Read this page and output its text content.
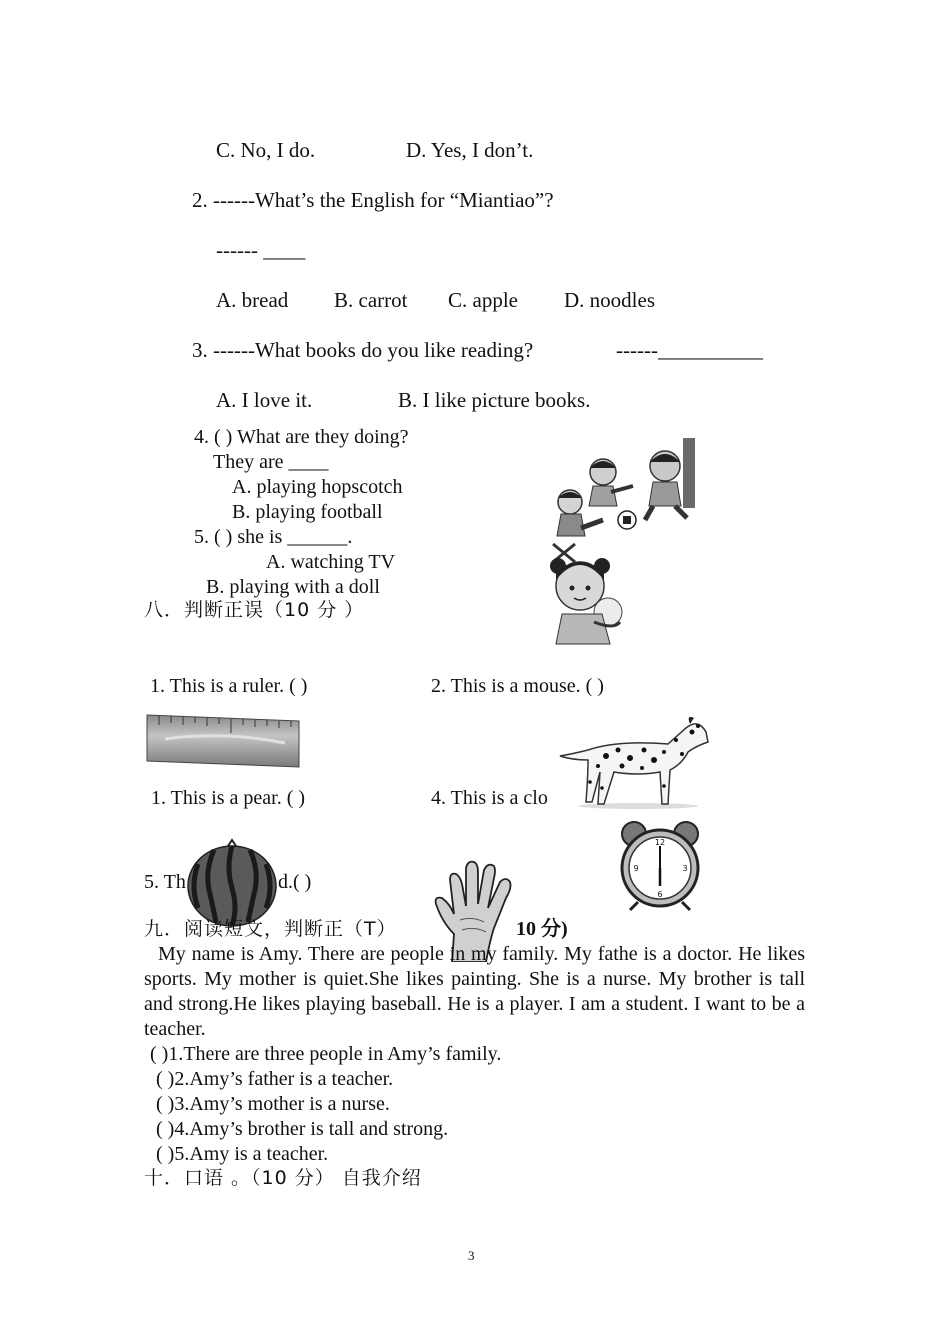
C. No, I do.	D. Yes, I don’t.
2. ------What’s the English for “Miantiao”?
------ ____
A. bread B. carrot C. apple D. noodles
3. ------What books do you like reading?	------__________
A. I love it.	B. I like picture books.
4. ( ) What are they doing?
They are ____
A. playing hopscotch
B. playing football
5. ( ) she is ______.
A. watching TV
B. playing with a doll
八．判断正误（10 分 ）
1. This is a ruler. ( )	2. This is a mouse. ( )
1. This is a pear. ( )	4. This is a clo
12
3
6
9
5. Th	d.( )
九．阅读短文，判断正（T）	10 分)
My name is Amy. There are people in my family. My fathe is a doctor. He likes sports. My mother is quiet.She likes painting. She is a nurse. My brother is tall and strong.He likes playing baseball. He is a player. I am a student. I want to be a teacher.
( )1.There are three people in Amy’s family.
( )2.Amy’s father is a teacher.
( )3.Amy’s mother is a nurse.
( )4.Amy’s brother is tall and strong.
( )5.Amy is a teacher.
十．口语 。（10 分） 自我介绍
3
